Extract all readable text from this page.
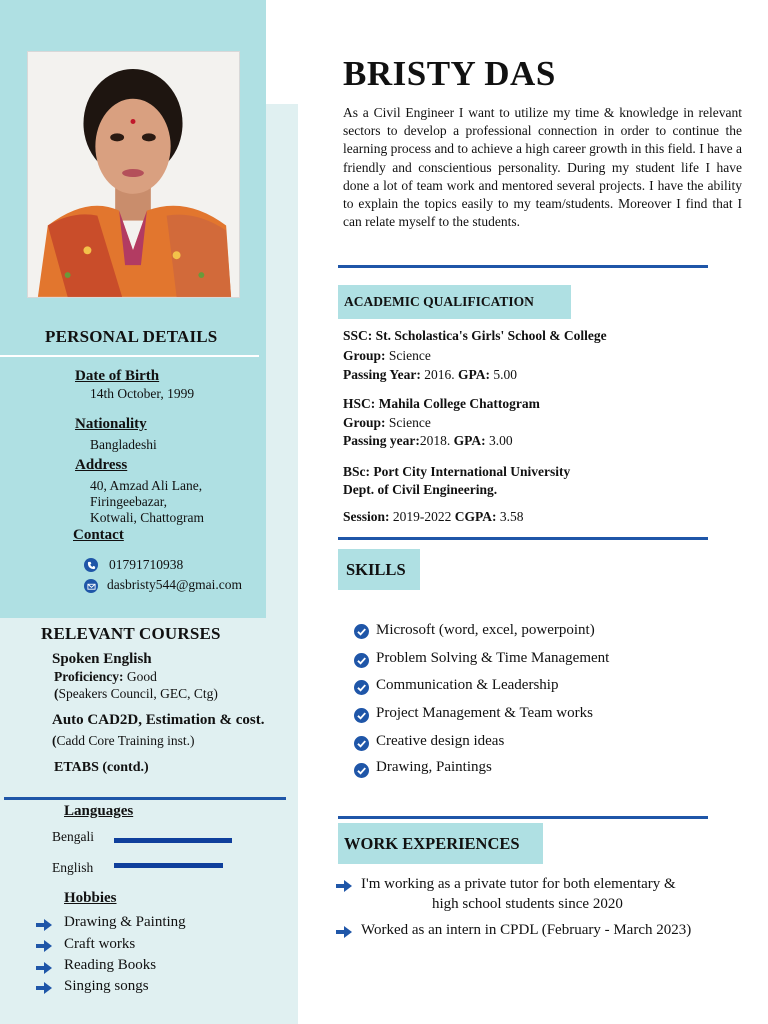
PERSONAL DETAILS
Date of Birth
14th October, 1999
Nationality
Bangladeshi
Address
40, Amzad Ali Lane,
Firingeebazar,
Kotwali, Chattogram
Contact
01791710938
dasbristy544@gmai.com
RELEVANT COURSES
Spoken English
Proficiency: Good
(Speakers Council, GEC, Ctg)
Auto CAD2D, Estimation & cost.
(Cadd Core Training inst.)
ETABS (contd.)
Languages
Bengali
English
Hobbies
Drawing & Painting
Craft works
Reading Books
Singing songs
BRISTY DAS
As a Civil Engineer I want to utilize my time & knowledge in relevant sectors to develop a professional connection in order to continue the learning process and to achieve a high career growth in this field. I have a friendly and conscientious personality. During my student life I have done a lot of team work and mentored several projects. I have the ability to explain the topics easily to my team/students. Moreover I find that I can relate myself to the students.
ACADEMIC QUALIFICATION
SSC: St. Scholastica's Girls' School & College
Group: Science
Passing Year: 2016. GPA: 5.00
HSC: Mahila College Chattogram
Group: Science
Passing year:2018. GPA: 3.00
BSc: Port City International University
Dept. of Civil Engineering.
Session: 2019-2022 CGPA: 3.58
SKILLS
Microsoft (word, excel, powerpoint)
Problem Solving & Time Management
Communication & Leadership
Project Management & Team works
Creative design ideas
Drawing, Paintings
WORK EXPERIENCES
I'm working as a private tutor for both elementary &
high school students since 2020
Worked as an intern in CPDL (February - March 2023)
